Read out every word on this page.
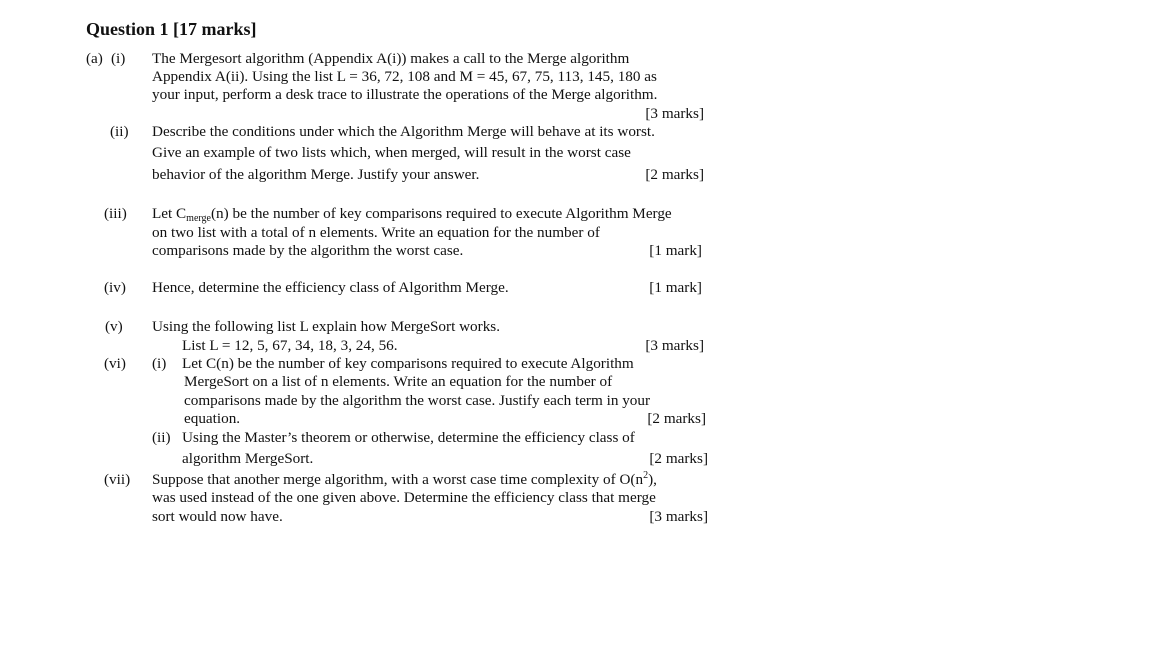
Question 1 [17 marks]
(a) (i) The Mergesort algorithm (Appendix A(i)) makes a call to the Merge algorithm
Appendix A(ii). Using the list L = 36, 72, 108 and M = 45, 67, 75, 113, 145, 180 as
your input, perform a desk trace to illustrate the operations of the Merge algorithm.
[3 marks]
(ii) Describe the conditions under which the Algorithm Merge will behave at its worst.
Give an example of two lists which, when merged, will result in the worst case
behavior of the algorithm Merge. Justify your answer.	[2 marks]
(iii) Let $C_{merge}(n)$ be the number of key comparisons required to execute Algorithm Merge
on two list with a total of n elements. Write an equation for the number of
comparisons made by the algorithm the worst case.	[1 mark]
(iv) Hence, determine the efficiency class of Algorithm Merge.	[1 mark]
(v) Using the following list L explain how MergeSort works.
List L = 12, 5, 67, 34, 18, 3, 24, 56.	[3 marks]
(vi) (i) Let C(n) be the number of key comparisons required to execute Algorithm
MergeSort on a list of n elements. Write an equation for the number of
comparisons made by the algorithm the worst case. Justify each term in your
equation.	[2 marks]
(ii) Using the Master’s theorem or otherwise, determine the efficiency class of
algorithm MergeSort.	[2 marks]
(vii) Suppose that another merge algorithm, with a worst case time complexity of $O(n^2)$,
was used instead of the one given above. Determine the efficiency class that merge
sort would now have.	[3 marks]
